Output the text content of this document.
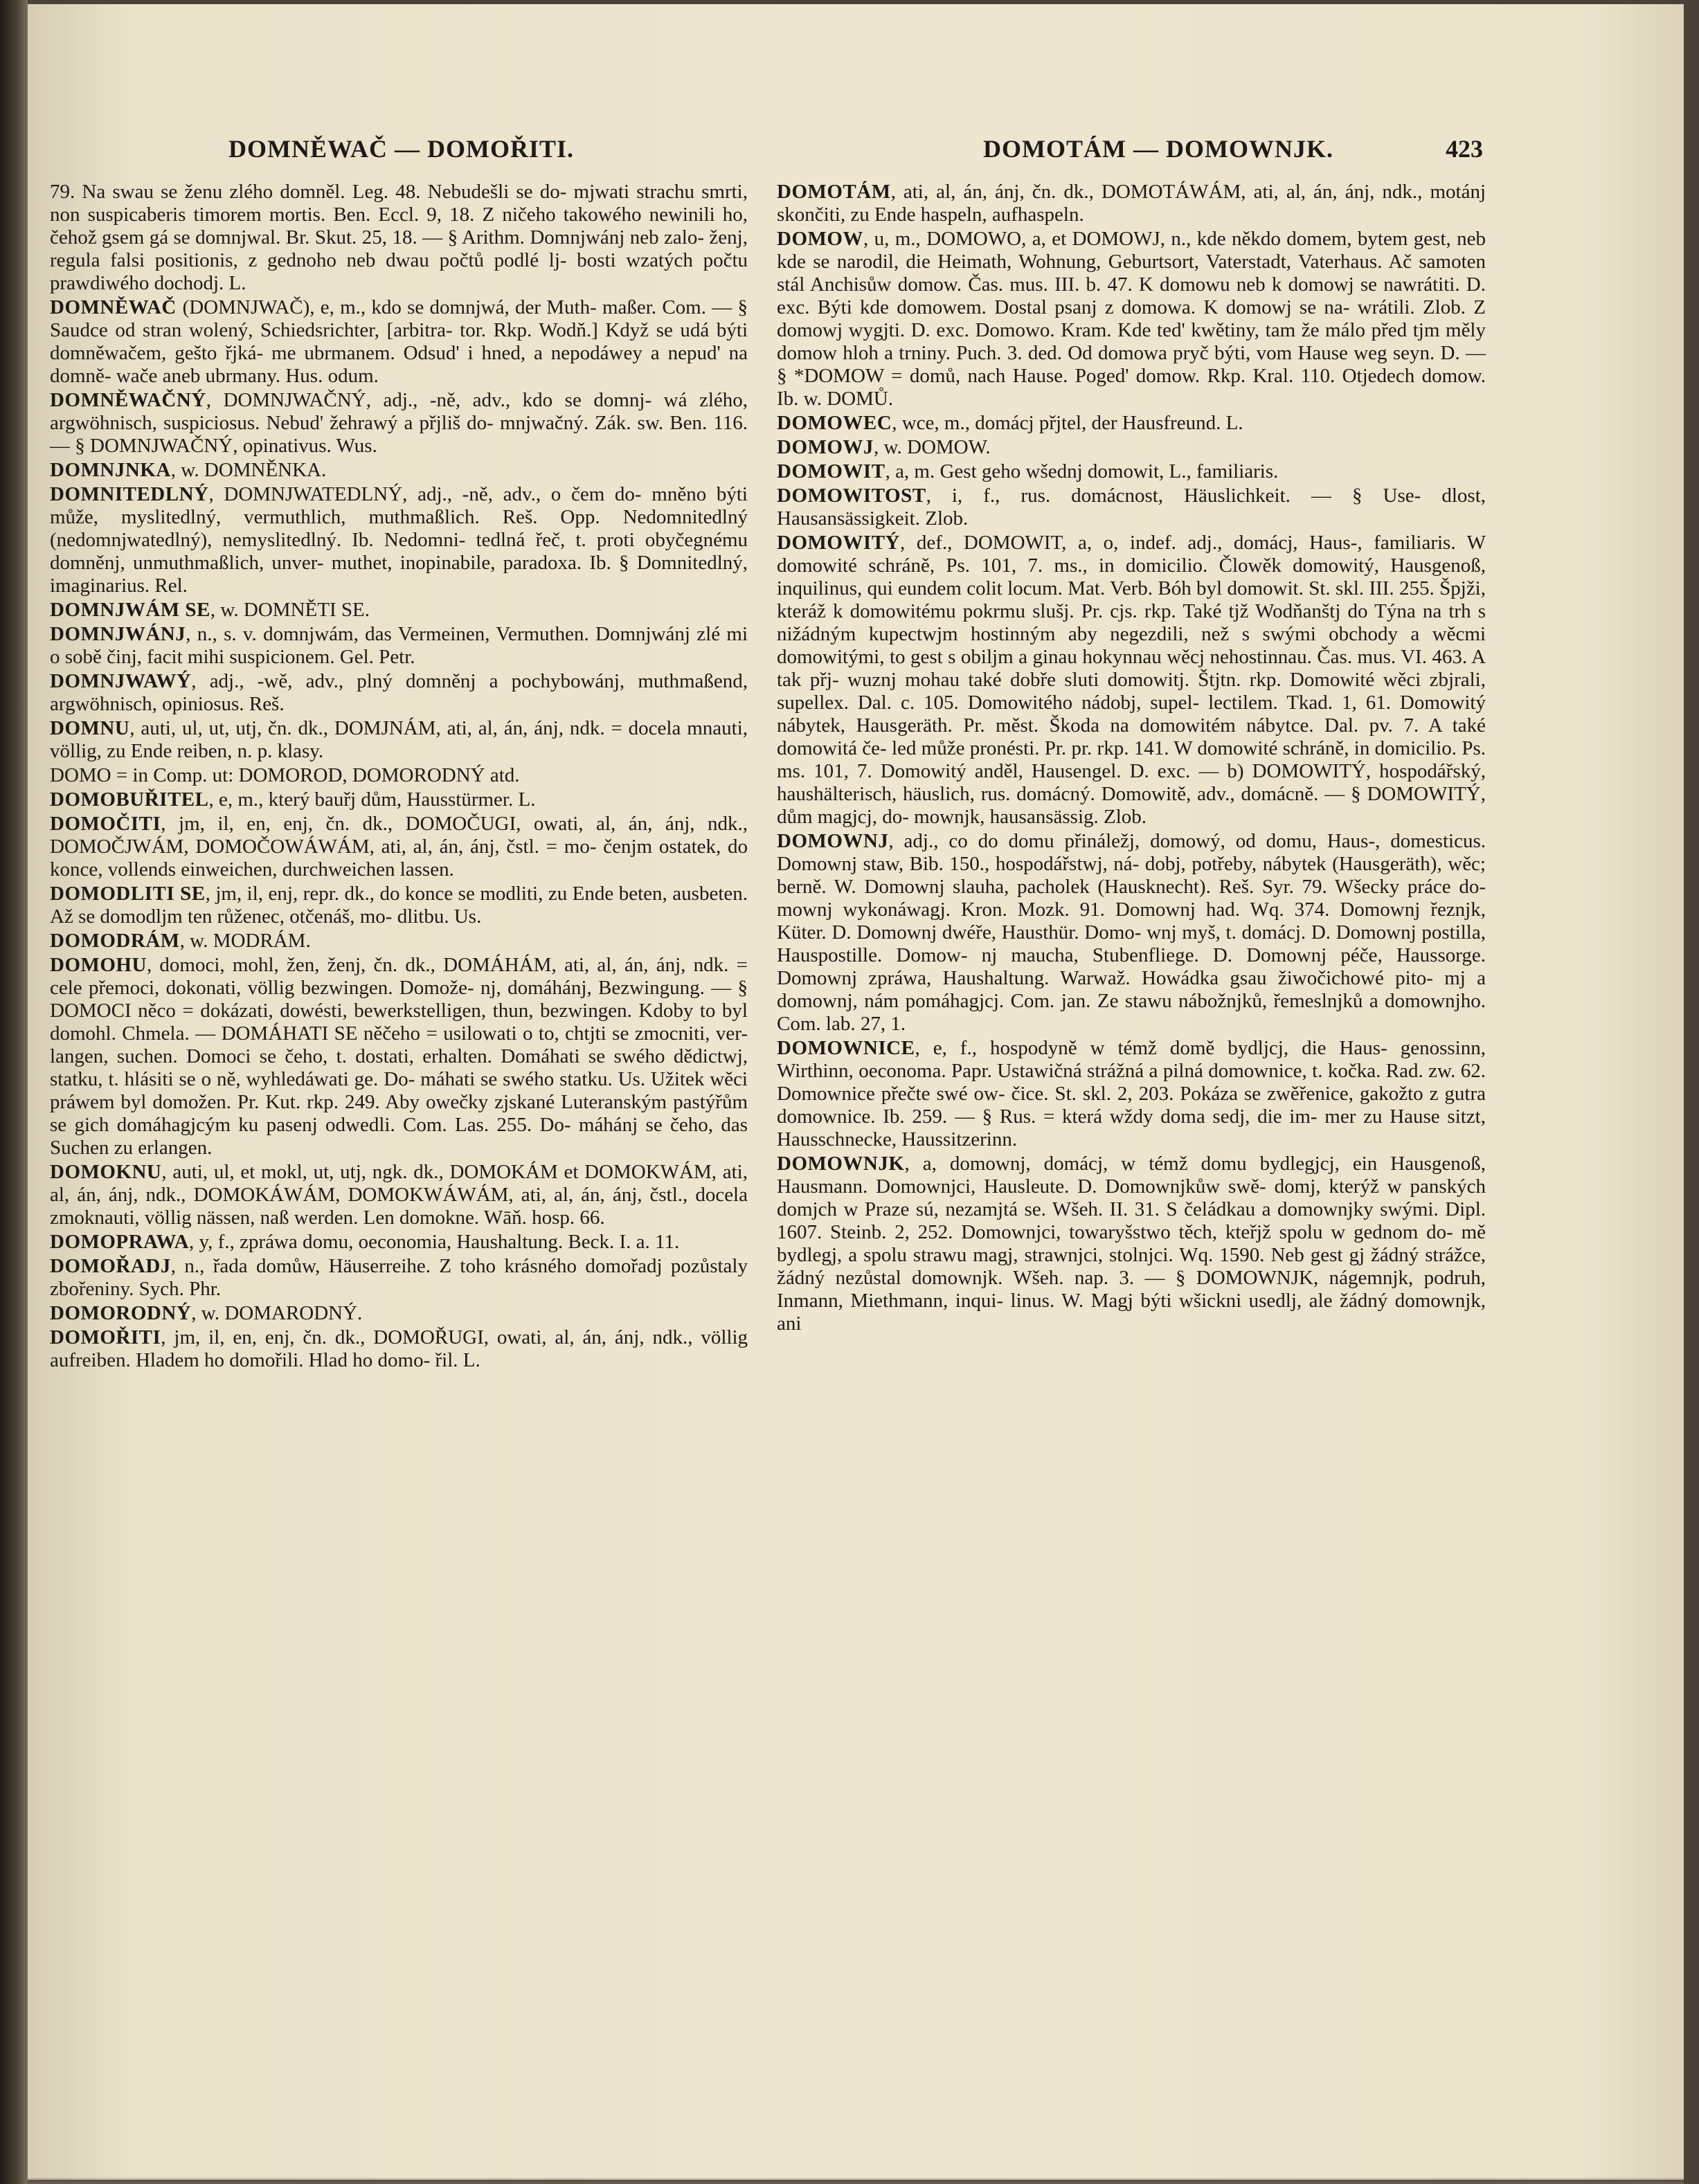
DOMNĚWAČ — DOMOŘITI.	DOMOTÁM — DOMOWNJK.	423

79. Na swau se ženu zlého domněl. Leg. 48. Nebudešli se do- mjwati strachu smrti, non suspicaberis timorem mortis. Ben. Eccl. 9, 18. Z ničeho takowého newinili ho, čehož gsem gá se domnjwal. Br. Skut. 25, 18. — § Arithm. Domnjwánj neb zalo- ženj, regula falsi positionis, z gednoho neb dwau počtů podlé lj- bosti wzatých počtu prawdiwého dochodj. L.

DOMNĚWAČ (DOMNJWAČ), e, m., kdo se domnjwá, der Muth- maßer. Com. — § Saudce od stran wolený, Schiedsrichter, [arbitra- tor. Rkp. Wodň.] Když se udá býti domněwačem, gešto řjká- me ubrmanem. Odsud' i hned, a nepodáwey a nepud' na domně- wače aneb ubrmany. Hus. odum.

DOMNĚWAČNÝ, DOMNJWAČNÝ, adj., -ně, adv., kdo se domnj- wá zlého, argwöhnisch, suspiciosus. Nebud' žehrawý a přjliš do- mnjwačný. Zák. sw. Ben. 116. — § DOMNJWAČNÝ, opinativus. Wus.

DOMNJNKA, w. DOMNĚNKA.

DOMNITEDLNÝ, DOMNJWATEDLNÝ, adj., -ně, adv., o čem do- mněno býti může, myslitedlný, vermuthlich, muthmaßlich. Reš. Opp. Nedomnitedlný (nedomnjwatedlný), nemyslitedlný. Ib. Nedomni- tedlná řeč, t. proti obyčegnému domněnj, unmuthmaßlich, unver- muthet, inopinabile, paradoxa. Ib. § Domnitedlný, imaginarius. Rel.

DOMNJWÁM SE, w. DOMNĚTI SE.

DOMNJWÁNJ, n., s. v. domnjwám, das Vermeinen, Vermuthen. Domnjwánj zlé mi o sobě činj, facit mihi suspicionem. Gel. Petr.

DOMNJWAWÝ, adj., -wě, adv., plný domněnj a pochybowánj, muthmaßend, argwöhnisch, opiniosus. Reš.

DOMNU, auti, ul, ut, utj, čn. dk., DOMJNÁM, ati, al, án, ánj, ndk. = docela mnauti, völlig, zu Ende reiben, n. p. klasy.

DOMO = in Comp. ut: DOMOROD, DOMORODNÝ atd.

DOMOBUŘITEL, e, m., který bauřj dům, Hausstürmer. L.

DOMOČITI, jm, il, en, enj, čn. dk., DOMOČUGI, owati, al, án, ánj, ndk., DOMOČJWÁM, DOMOČOWÁWÁM, ati, al, án, ánj, čstl. = mo- čenjm ostatek, do konce, vollends einweichen, durchweichen lassen.

DOMODLITI SE, jm, il, enj, repr. dk., do konce se modliti, zu Ende beten, ausbeten. Až se domodljm ten růženec, otčenáš, mo- dlitbu. Us.

DOMODRÁM, w. MODRÁM.

DOMOHU, domoci, mohl, žen, ženj, čn. dk., DOMÁHÁM, ati, al, án, ánj, ndk. = cele přemoci, dokonati, völlig bezwingen. Domože- nj, domáhánj, Bezwingung. — § DOMOCI něco = dokázati, dowésti, bewerkstelligen, thun, bezwingen. Kdoby to byl domohl. Chmela. — DOMÁHATI SE něčeho = usilowati o to, chtjti se zmocniti, ver- langen, suchen. Domoci se čeho, t. dostati, erhalten. Domáhati se swého dědictwj, statku, t. hlásiti se o ně, wyhledáwati ge. Do- máhati se swého statku. Us. Užitek wěci práwem byl domožen. Pr. Kut. rkp. 249. Aby owečky zjskané Luteranským pastýřům se gich domáhagjcým ku pasenj odwedli. Com. Las. 255. Do- máhánj se čeho, das Suchen zu erlangen.

DOMOKNU, auti, ul, et mokl, ut, utj, ngk. dk., DOMOKÁM et DOMOKWÁM, ati, al, án, ánj, ndk., DOMOKÁWÁM, DOMOKWÁWÁM, ati, al, án, ánj, čstl., docela zmoknauti, völlig nässen, naß werden. Len domokne. Wāň. hosp. 66.

DOMOPRAWA, y, f., zpráwa domu, oeconomia, Haushaltung. Beck. I. a. 11.

DOMOŘADJ, n., řada domůw, Häuserreihe. Z toho krásného domořadj pozůstaly zbořeniny. Sych. Phr.

DOMORODNÝ, w. DOMARODNÝ.

DOMOŘITI, jm, il, en, enj, čn. dk., DOMOŘUGI, owati, al, án, ánj, ndk., völlig aufreiben. Hladem ho domořili. Hlad ho domo- řil. L.

DOMOTÁM, ati, al, án, ánj, čn. dk., DOMOTÁWÁM, ati, al, án, ánj, ndk., motánj skončiti, zu Ende haspeln, aufhaspeln.

DOMOW, u, m., DOMOWO, a, et DOMOWJ, n., kde někdo domem, bytem gest, neb kde se narodil, die Heimath, Wohnung, Geburtsort, Vaterstadt, Vaterhaus. Ač samoten stál Anchisůw domow. Čas. mus. III. b. 47. K domowu neb k domowj se nawrátiti. D. exc. Býti kde domowem. Dostal psanj z domowa. K domowj se na- wrátili. Zlob. Z domowj wygjti. D. exc. Domowo. Kram. Kde ted' kwětiny, tam že málo před tjm měly domow hloh a trniny. Puch. 3. ded. Od domowa pryč býti, vom Hause weg seyn. D. — § *DOMOW = domů, nach Hause. Poged' domow. Rkp. Kral. 110. Otjedech domow. Ib. w. DOMŮ.

DOMOWEC, wce, m., domácj přjtel, der Hausfreund. L.

DOMOWJ, w. DOMOW.

DOMOWIT, a, m. Gest geho wšednj domowit, L., familiaris.

DOMOWITOST, i, f., rus. domácnost, Häuslichkeit. — § Use- dlost, Hausansässigkeit. Zlob.

DOMOWITÝ, def., DOMOWIT, a, o, indef. adj., domácj, Haus-, familiaris. W domowité schráně, Ps. 101, 7. ms., in domicilio. Člowěk domowitý, Hausgenoß, inquilinus, qui eundem colit locum. Mat. Verb. Bóh byl domowit. St. skl. III. 255. Špjži, kteráž k domowitému pokrmu slušj. Pr. cjs. rkp. Také tjž Wodňanštj do Týna na trh s nižádným kupectwjm hostinným aby negezdili, než s swými obchody a wěcmi domowitými, to gest s obiljm a ginau hokynnau wěcj nehostinnau. Čas. mus. VI. 463. A tak přj- wuznj mohau také dobře sluti domowitj. Štjtn. rkp. Domowité wěci zbjrali, supellex. Dal. c. 105. Domowitého nádobj, supel- lectilem. Tkad. 1, 61. Domowitý nábytek, Hausgeräth. Pr. měst. Škoda na domowitém nábytce. Dal. pv. 7. A také domowitá če- led může pronésti. Pr. pr. rkp. 141. W domowité schráně, in domicilio. Ps. ms. 101, 7. Domowitý anděl, Hausengel. D. exc. — b) DOMOWITÝ, hospodářský, haushälterisch, häuslich, rus. domácný. Domowitě, adv., domácně. — § DOMOWITÝ, dům magjcj, do- mownjk, hausansässig. Zlob.

DOMOWNJ, adj., co do domu přináležj, domowý, od domu, Haus-, domesticus. Domownj staw, Bib. 150., hospodářstwj, ná- dobj, potřeby, nábytek (Hausgeräth), wěc; berně. W. Domownj slauha, pacholek (Hausknecht). Reš. Syr. 79. Wšecky práce do- mownj wykonáwagj. Kron. Mozk. 91. Domownj had. Wq. 374. Domownj řeznjk, Küter. D. Domownj dwéře, Hausthür. Domo- wnj myš, t. domácj. D. Domownj postilla, Hauspostille. Domow- nj maucha, Stubenfliege. D. Domownj péče, Haussorge. Domownj zpráwa, Haushaltung. Warwaž. Howádka gsau žiwočichowé pito- mj a domownj, nám pomáhagjcj. Com. jan. Ze stawu nábožnjků, řemeslnjků a domownjho. Com. lab. 27, 1.

DOMOWNICE, e, f., hospodyně w témž domě bydljcj, die Haus- genossinn, Wirthinn, oeconoma. Papr. Ustawičná strážná a pilná domownice, t. kočka. Rad. zw. 62. Domownice přečte swé ow- čice. St. skl. 2, 203. Pokáza se zwěřenice, gakožto z gutra domownice. Ib. 259. — § Rus. = která wždy doma sedj, die im- mer zu Hause sitzt, Hausschnecke, Haussitzerinn.

DOMOWNJK, a, domownj, domácj, w témž domu bydlegjcj, ein Hausgenoß, Hausmann. Domownjci, Hausleute. D. Domownjkůw swě- domj, kterýž w panských domjch w Praze sú, nezamjtá se. Wšeh. II. 31. S čeládkau a domownjky swými. Dipl. 1607. Steinb. 2, 252. Domownjci, towaryšstwo těch, kteřjž spolu w gednom do- mě bydlegj, a spolu strawu magj, strawnjci, stolnjci. Wq. 1590. Neb gest gj žádný strážce, žádný nezůstal domownjk. Wšeh. nap. 3. — § DOMOWNJK, nágemnjk, podruh, Inmann, Miethmann, inqui- linus. W. Magj býti wšickni usedlj, ale žádný domownjk, ani
